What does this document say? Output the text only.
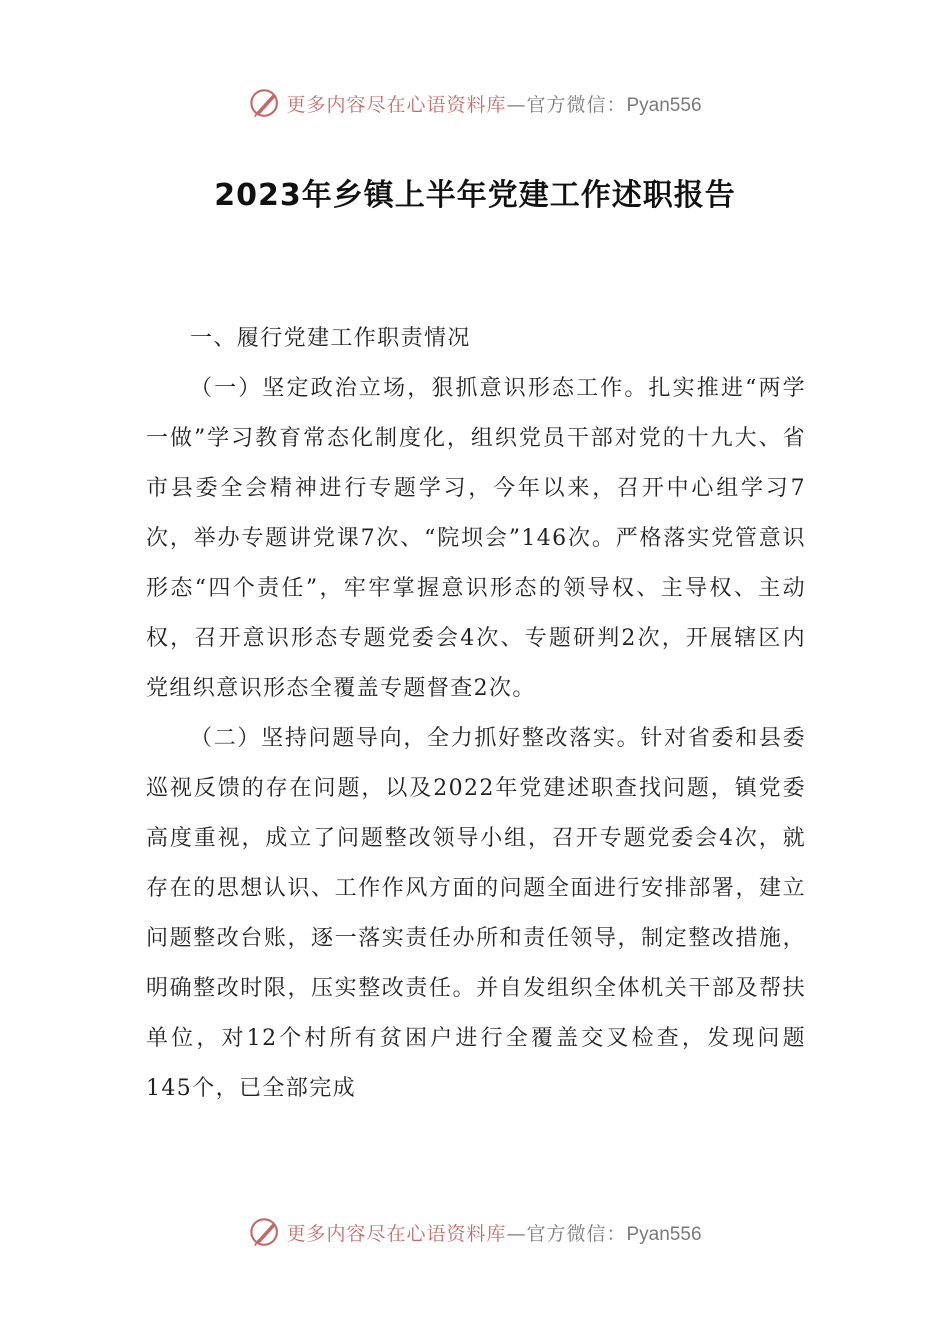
更多内容尽在心语资料库—官方微信：Pyan556
2023年乡镇上半年党建工作述职报告

一、履行党建工作职责情况

（一）坚定政治立场，狠抓意识形态工作。扎实推进“两学一做”学习教育常态化制度化，组织党员干部对党的十九大、省市县委全会精神进行专题学习，今年以来，召开中心组学习7次，举办专题讲党课7次、“院坝会”146次。严格落实党管意识形态“四个责任”，牢牢掌握意识形态的领导权、主导权、主动权，召开意识形态专题党委会4次、专题研判2次，开展辖区内党组织意识形态全覆盖专题督查2次。

（二）坚持问题导向，全力抓好整改落实。针对省委和县委巡视反馈的存在问题，以及2022年党建述职查找问题，镇党委高度重视，成立了问题整改领导小组，召开专题党委会4次，就存在的思想认识、工作作风方面的问题全面进行安排部署，建立问题整改台账，逐一落实责任办所和责任领导，制定整改措施，明确整改时限，压实整改责任。并自发组织全体机关干部及帮扶单位，对12个村所有贫困户进行全覆盖交叉检查，发现问题145个，已全部完成

更多内容尽在心语资料库—官方微信：Pyan556
